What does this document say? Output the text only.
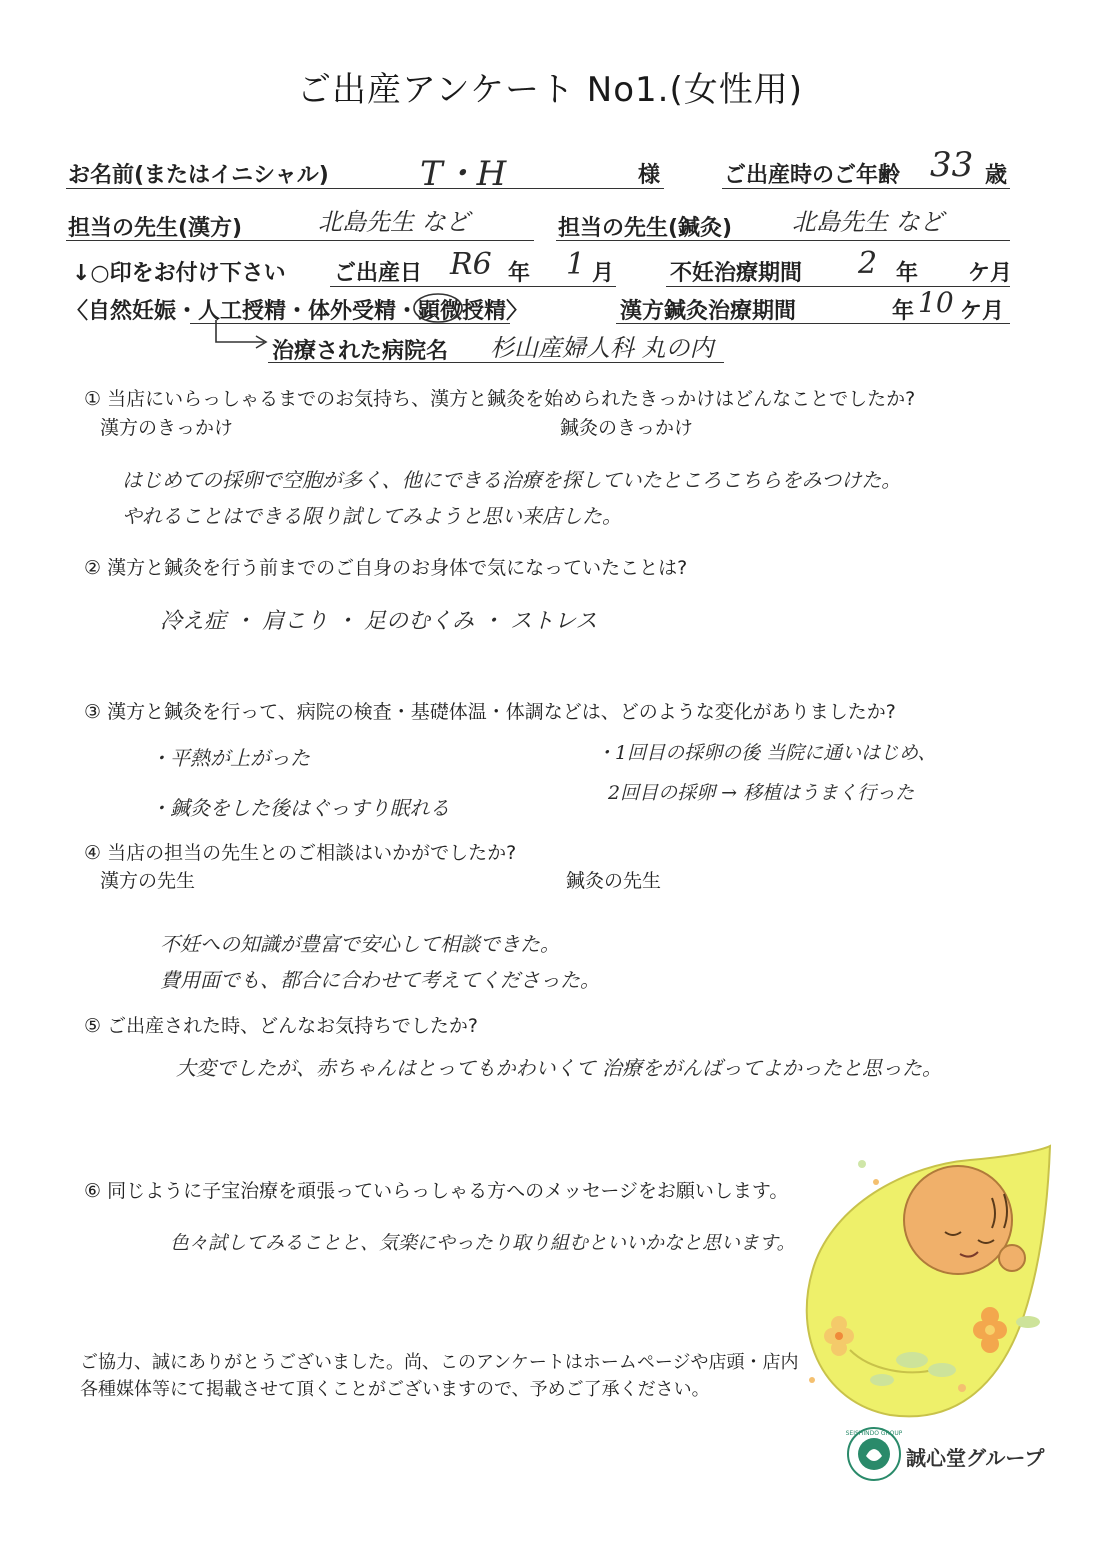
ご出産アンケート No1.(女性用)
お名前(またはイニシャル)	T・H	様	ご出産時のご年齢 33 歳
担当の先生(漢方)	北島先生 など	担当の先生(鍼灸) 北島先生 など
↓○印をお付け下さい ご出産日 R6 年 1 月	不妊治療期間 2 年 ケ月
〈自然妊娠・人工授精・体外受精・顕微授精〉	漢方鍼灸治療期間	年 10 ケ月
治療された病院名 杉山産婦人科 丸の内
① 当店にいらっしゃるまでのお気持ち、漢方と鍼灸を始められたきっかけはどんなことでしたか?
漢方のきっかけ	鍼灸のきっかけ
はじめての採卵で空胞が多く、他にできる治療を探していたところこちらをみつけた。
やれることはできる限り試してみようと思い来店した。
② 漢方と鍼灸を行う前までのご自身のお身体で気になっていたことは?
冷え症 ・ 肩こり ・ 足のむくみ ・ ストレス
③ 漢方と鍼灸を行って、病院の検査・基礎体温・体調などは、どのような変化がありましたか?
・平熱が上がった
・鍼灸をした後はぐっすり眠れる
・1回目の採卵の後 当院に通いはじめ、
2回目の採卵 → 移植はうまく行った
④ 当店の担当の先生とのご相談はいかがでしたか?
漢方の先生	鍼灸の先生
不妊への知識が豊富で安心して相談できた。
費用面でも、都合に合わせて考えてくださった。
⑤ ご出産された時、どんなお気持ちでしたか?
大変でしたが、赤ちゃんはとってもかわいくて 治療をがんばってよかったと思った。
⑥ 同じように子宝治療を頑張っていらっしゃる方へのメッセージをお願いします。
色々試してみることと、気楽にやったり取り組むといいかなと思います。
ご協力、誠にありがとうございました。尚、このアンケートはホームページや店頭・店内
各種媒体等にて掲載させて頂くことがございますので、予めご了承ください。
SEISHINDO GROUP
誠心堂グループ
